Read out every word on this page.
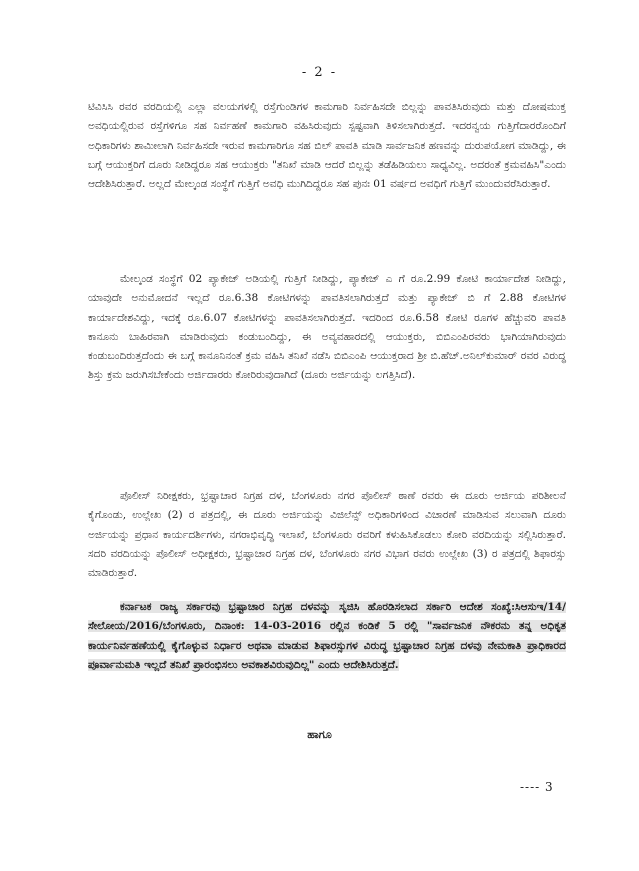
- 2 -

ಟಿವಿಸಿಸಿ ರವರ ವರದಿಯಲ್ಲಿ ಎಲ್ಲಾ ವಲಯಗಳಲ್ಲಿ ರಸ್ತೆಗುಂಡಿಗಳ ಕಾಮಗಾರಿ ನಿರ್ವಹಿಸದೇ ಬಿಲ್ಲನ್ನು ಪಾವತಿಸಿರುವುದು ಮತ್ತು ದೋಷಮುಕ್ತ ಅವಧಿಯಲ್ಲಿರುವ ರಸ್ತೆಗಳಿಗೂ ಸಹ ನಿರ್ವಹಣೆ ಕಾಮಗಾರಿ ವಹಿಸಿರುವುದು ಸ್ಪಷ್ಟವಾಗಿ ತಿಳಿಸಲಾಗಿರುತ್ತದೆ. ಇದರನ್ವಯ ಗುತ್ತಿಗೆದಾರರೊಂದಿಗೆ ಅಧಿಕಾರಿಗಳು ಶಾಮೀಲಾಗಿ ನಿರ್ವಹಿಸದೇ ಇರುವ ಕಾಮಗಾರಿಗೂ ಸಹ ಬಿಲ್ ಪಾವತಿ ಮಾಡಿ ಸಾರ್ವಜನಿಕ ಹಣವನ್ನು ದುರುಪಯೋಗ ಮಾಡಿದ್ದು, ಈ ಬಗ್ಗೆ ಆಯುಕ್ತರಿಗೆ ದೂರು ನೀಡಿದ್ದರೂ ಸಹ ಆಯುಕ್ತರು "ತನಿಖೆ ಮಾಡಿ ಆದರೆ ಬಿಲ್ಲನ್ನು ತಡೆಹಿಡಿಯಲು ಸಾಧ್ಯವಿಲ್ಲ. ಅದರಂತೆ ಕ್ರಮವಹಿಸಿ"ಎಂದು ಆದೇಶಿಸಿರುತ್ತಾರೆ. ಅಲ್ಲದೆ ಮೇಲ್ಕಂಡ ಸಂಸ್ಥೆಗೆ ಗುತ್ತಿಗೆ ಅವಧಿ ಮುಗಿದಿದ್ದರೂ ಸಹ ಪುನಃ 01 ವರ್ಷದ ಅವಧಿಗೆ ಗುತ್ತಿಗೆ ಮುಂದುವರೆಸಿರುತ್ತಾರೆ.

ಮೇಲ್ಕಂಡ ಸಂಸ್ಥೆಗೆ 02 ಪ್ಯಾಕೇಜ್ ಅಡಿಯಲ್ಲಿ ಗುತ್ತಿಗೆ ನೀಡಿದ್ದು, ಪ್ಯಾಕೇಜ್ ಎ ಗೆ ರೂ.2.99 ಕೋಟಿ ಕಾರ್ಯಾದೇಶ ನೀಡಿದ್ದು, ಯಾವುದೇ ಅನುಮೋದನೆ ಇಲ್ಲದೆ ರೂ.6.38 ಕೋಟಿಗಳನ್ನು ಪಾವತಿಸಲಾಗಿರುತ್ತದೆ ಮತ್ತು ಪ್ಯಾಕೇಜ್ ಬಿ ಗೆ 2.88 ಕೋಟಿಗಳ ಕಾರ್ಯಾದೇಶವಿದ್ದು, ಇದಕ್ಕೆ ರೂ.6.07 ಕೋಟಿಗಳನ್ನು ಪಾವತಿಸಲಾಗಿರುತ್ತದೆ. ಇದರಿಂದ ರೂ.6.58 ಕೋಟಿ ರೂಗಳ ಹೆಚ್ಚುವರಿ ಪಾವತಿ ಕಾನೂನು ಬಾಹಿರವಾಗಿ ಮಾಡಿರುವುದು ಕಂಡುಬಂದಿದ್ದು, ಈ ಅವ್ಯವಹಾರದಲ್ಲಿ ಆಯುಕ್ತರು, ಬಿಬಿಎಂಪಿರವರು ಭಾಗಿಯಾಗಿರುವುದು ಕಂಡುಬಂದಿರುತ್ತದೆಂದು ಈ ಬಗ್ಗೆ ಕಾನೂನಿನಂತೆ ಕ್ರಮ ವಹಿಸಿ ತನಿಖೆ ನಡೆಸಿ ಬಿಬಿಎಂಪಿ ಆಯುಕ್ತರಾದ ಶ್ರೀ ಬಿ.ಹೆಚ್.ಅನಿಲ್‌ಕುಮಾರ್ ರವರ ವಿರುದ್ಧ ಶಿಸ್ತು ಕ್ರಮ ಜರುಗಿಸಬೇಕೆಂದು ಅರ್ಜಿದಾರರು ಕೋರಿರುವುದಾಗಿದೆ (ದೂರು ಅರ್ಜಿಯನ್ನು ಲಗತ್ತಿಸಿದೆ).

ಪೊಲೀಸ್ ನಿರೀಕ್ಷಕರು, ಭ್ರಷ್ಟಾಚಾರ ನಿಗ್ರಹ ದಳ, ಬೆಂಗಳೂರು ನಗರ ಪೊಲೀಸ್ ಠಾಣೆ ರವರು ಈ ದೂರು ಅರ್ಜಿಯ ಪರಿಶೀಲನೆ ಕೈಗೊಂಡು, ಉಲ್ಲೇಖ (2) ರ ಪತ್ರದಲ್ಲಿ, ಈ ದೂರು ಅರ್ಜಿಯನ್ನು ವಿಜಿಲೆನ್ಸ್ ಅಧಿಕಾರಿಗಳಿಂದ ವಿಚಾರಣೆ ಮಾಡಿಸುವ ಸಲುವಾಗಿ ದೂರು ಅರ್ಜಿಯನ್ನು ಪ್ರಧಾನ ಕಾರ್ಯದರ್ಶಿಗಳು, ನಗರಾಭಿವೃದ್ಧಿ ಇಲಾಖೆ, ಬೆಂಗಳೂರು ರವರಿಗೆ ಕಳುಹಿಸಿಕೊಡಲು ಕೋರಿ ವರದಿಯನ್ನು ಸಲ್ಲಿಸಿರುತ್ತಾರೆ. ಸದರಿ ವರದಿಯನ್ನು ಪೊಲೀಸ್ ಅಧೀಕ್ಷಕರು, ಭ್ರಷ್ಟಾಚಾರ ನಿಗ್ರಹ ದಳ, ಬೆಂಗಳೂರು ನಗರ ವಿಭಾಗ ರವರು ಉಲ್ಲೇಖ (3) ರ ಪತ್ರದಲ್ಲಿ ಶಿಫಾರಸ್ಸು ಮಾಡಿರುತ್ತಾರೆ.

ಕರ್ನಾಟಕ ರಾಜ್ಯ ಸರ್ಕಾರವು ಭ್ರಷ್ಟಾಚಾರ ನಿಗ್ರಹ ದಳವನ್ನು ಸೃಜಿಸಿ ಹೊರಡಿಸಲಾದ ಸರ್ಕಾರಿ ಆದೇಶ ಸಂಖ್ಯೆ:ಸಿಆಸುಇ/14/ಸೇಲೋಯ/2016/ಬೆಂಗಳೂರು, ದಿನಾಂಕ: 14-03-2016 ರಲ್ಲಿನ ಕಂಡಿಕೆ 5 ರಲ್ಲಿ "ಸಾರ್ವಜನಿಕ ನೌಕರನು ತನ್ನ ಅಧಿಕೃತ ಕಾರ್ಯನಿರ್ವಹಣೆಯಲ್ಲಿ ಕೈಗೊಳ್ಳುವ ನಿರ್ಧಾರ ಅಥವಾ ಮಾಡುವ ಶಿಫಾರಸ್ಸುಗಳ ವಿರುದ್ಧ ಭ್ರಷ್ಟಾಚಾರ ನಿಗ್ರಹ ದಳವು ನೇಮಕಾತಿ ಪ್ರಾಧಿಕಾರದ ಪೂರ್ವಾನುಮತಿ ಇಲ್ಲದೆ ತನಿಖೆ ಪ್ರಾರಂಭಿಸಲು ಅವಕಾಶವಿರುವುದಿಲ್ಲ" ಎಂದು ಆದೇಶಿಸಿರುತ್ತದೆ.

ಹಾಗೂ
---- 3
